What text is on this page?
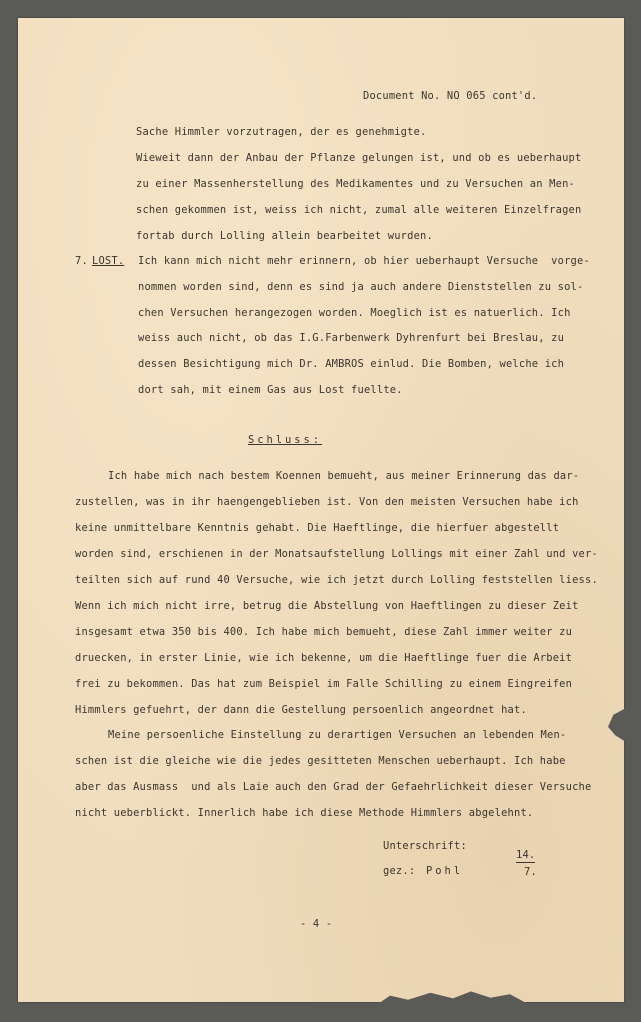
Document No. NO 065 cont'd.
Sache Himmler vorzutragen, der es genehmigte.
Wieweit dann der Anbau der Pflanze gelungen ist, und ob es ueberhaupt
zu einer Massenherstellung des Medikamentes und zu Versuchen an Men-
schen gekommen ist, weiss ich nicht, zumal alle weiteren Einzelfragen
fortab durch Lolling allein bearbeitet wurden.
7. LOST. Ich kann mich nicht mehr erinnern, ob hier ueberhaupt Versuche  vorge-
nommen worden sind, denn es sind ja auch andere Dienststellen zu sol-
chen Versuchen herangezogen worden. Moeglich ist es natuerlich. Ich
weiss auch nicht, ob das I.G.Farbenwerk Dyhrenfurt bei Breslau, zu
dessen Besichtigung mich Dr. AMBROS einlud. Die Bomben, welche ich
dort sah, mit einem Gas aus Lost fuellte.
Schluss:
Ich habe mich nach bestem Koennen bemueht, aus meiner Erinnerung das dar-
zustellen, was in ihr haengengeblieben ist. Von den meisten Versuchen habe ich
keine unmittelbare Kenntnis gehabt. Die Haeftlinge, die hierfuer abgestellt
worden sind, erschienen in der Monatsaufstellung Lollings mit einer Zahl und ver-
teilten sich auf rund 40 Versuche, wie ich jetzt durch Lolling feststellen liess.
Wenn ich mich nicht irre, betrug die Abstellung von Haeftlingen zu dieser Zeit
insgesamt etwa 350 bis 400. Ich habe mich bemueht, diese Zahl immer weiter zu
druecken, in erster Linie, wie ich bekenne, um die Haeftlinge fuer die Arbeit
frei zu bekommen. Das hat zum Beispiel im Falle Schilling zu einem Eingreifen
Himmlers gefuehrt, der dann die Gestellung persoenlich angeordnet hat.
Meine persoenliche Einstellung zu derartigen Versuchen an lebenden Men-
schen ist die gleiche wie die jedes gesitteten Menschen ueberhaupt. Ich habe
aber das Ausmass  und als Laie auch den Grad der Gefaehrlichkeit dieser Versuche
nicht ueberblickt. Innerlich habe ich diese Methode Himmlers abgelehnt.
Unterschrift:
gez.: Pohl
14.
7.
- 4 -
